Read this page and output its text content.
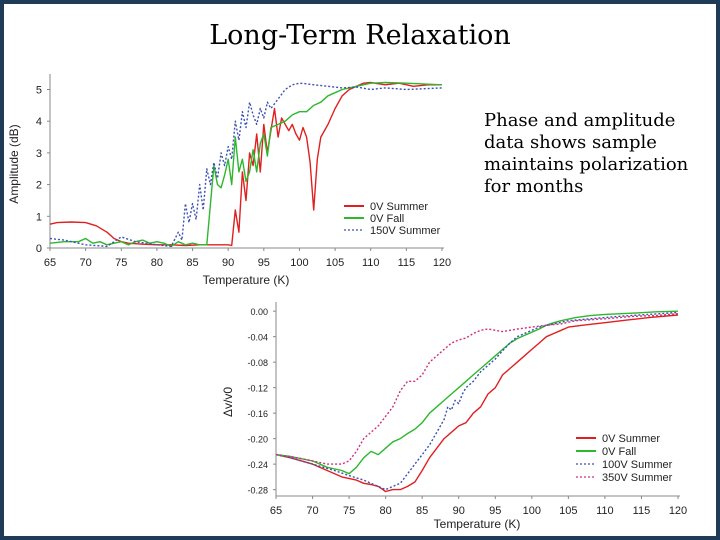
Long-Term Relaxation
Phase and amplitude
data shows sample
maintains polarization
for months
65 70 75 80 85 90 95 100 105 110 115 120
0
1
2
3
4
5
Temperature (K)
Amplitude (dB)
0V Summer
0V Fall
150V Summer
65 70 75 80 85 90 95 100 105 110 115 120
0.00
-0.04
-0.08
-0.12
-0.16
-0.20
-0.24
-0.28
Temperature (K)
Δv/v0
0V Summer
0V Fall
100V Summer
350V Summer
